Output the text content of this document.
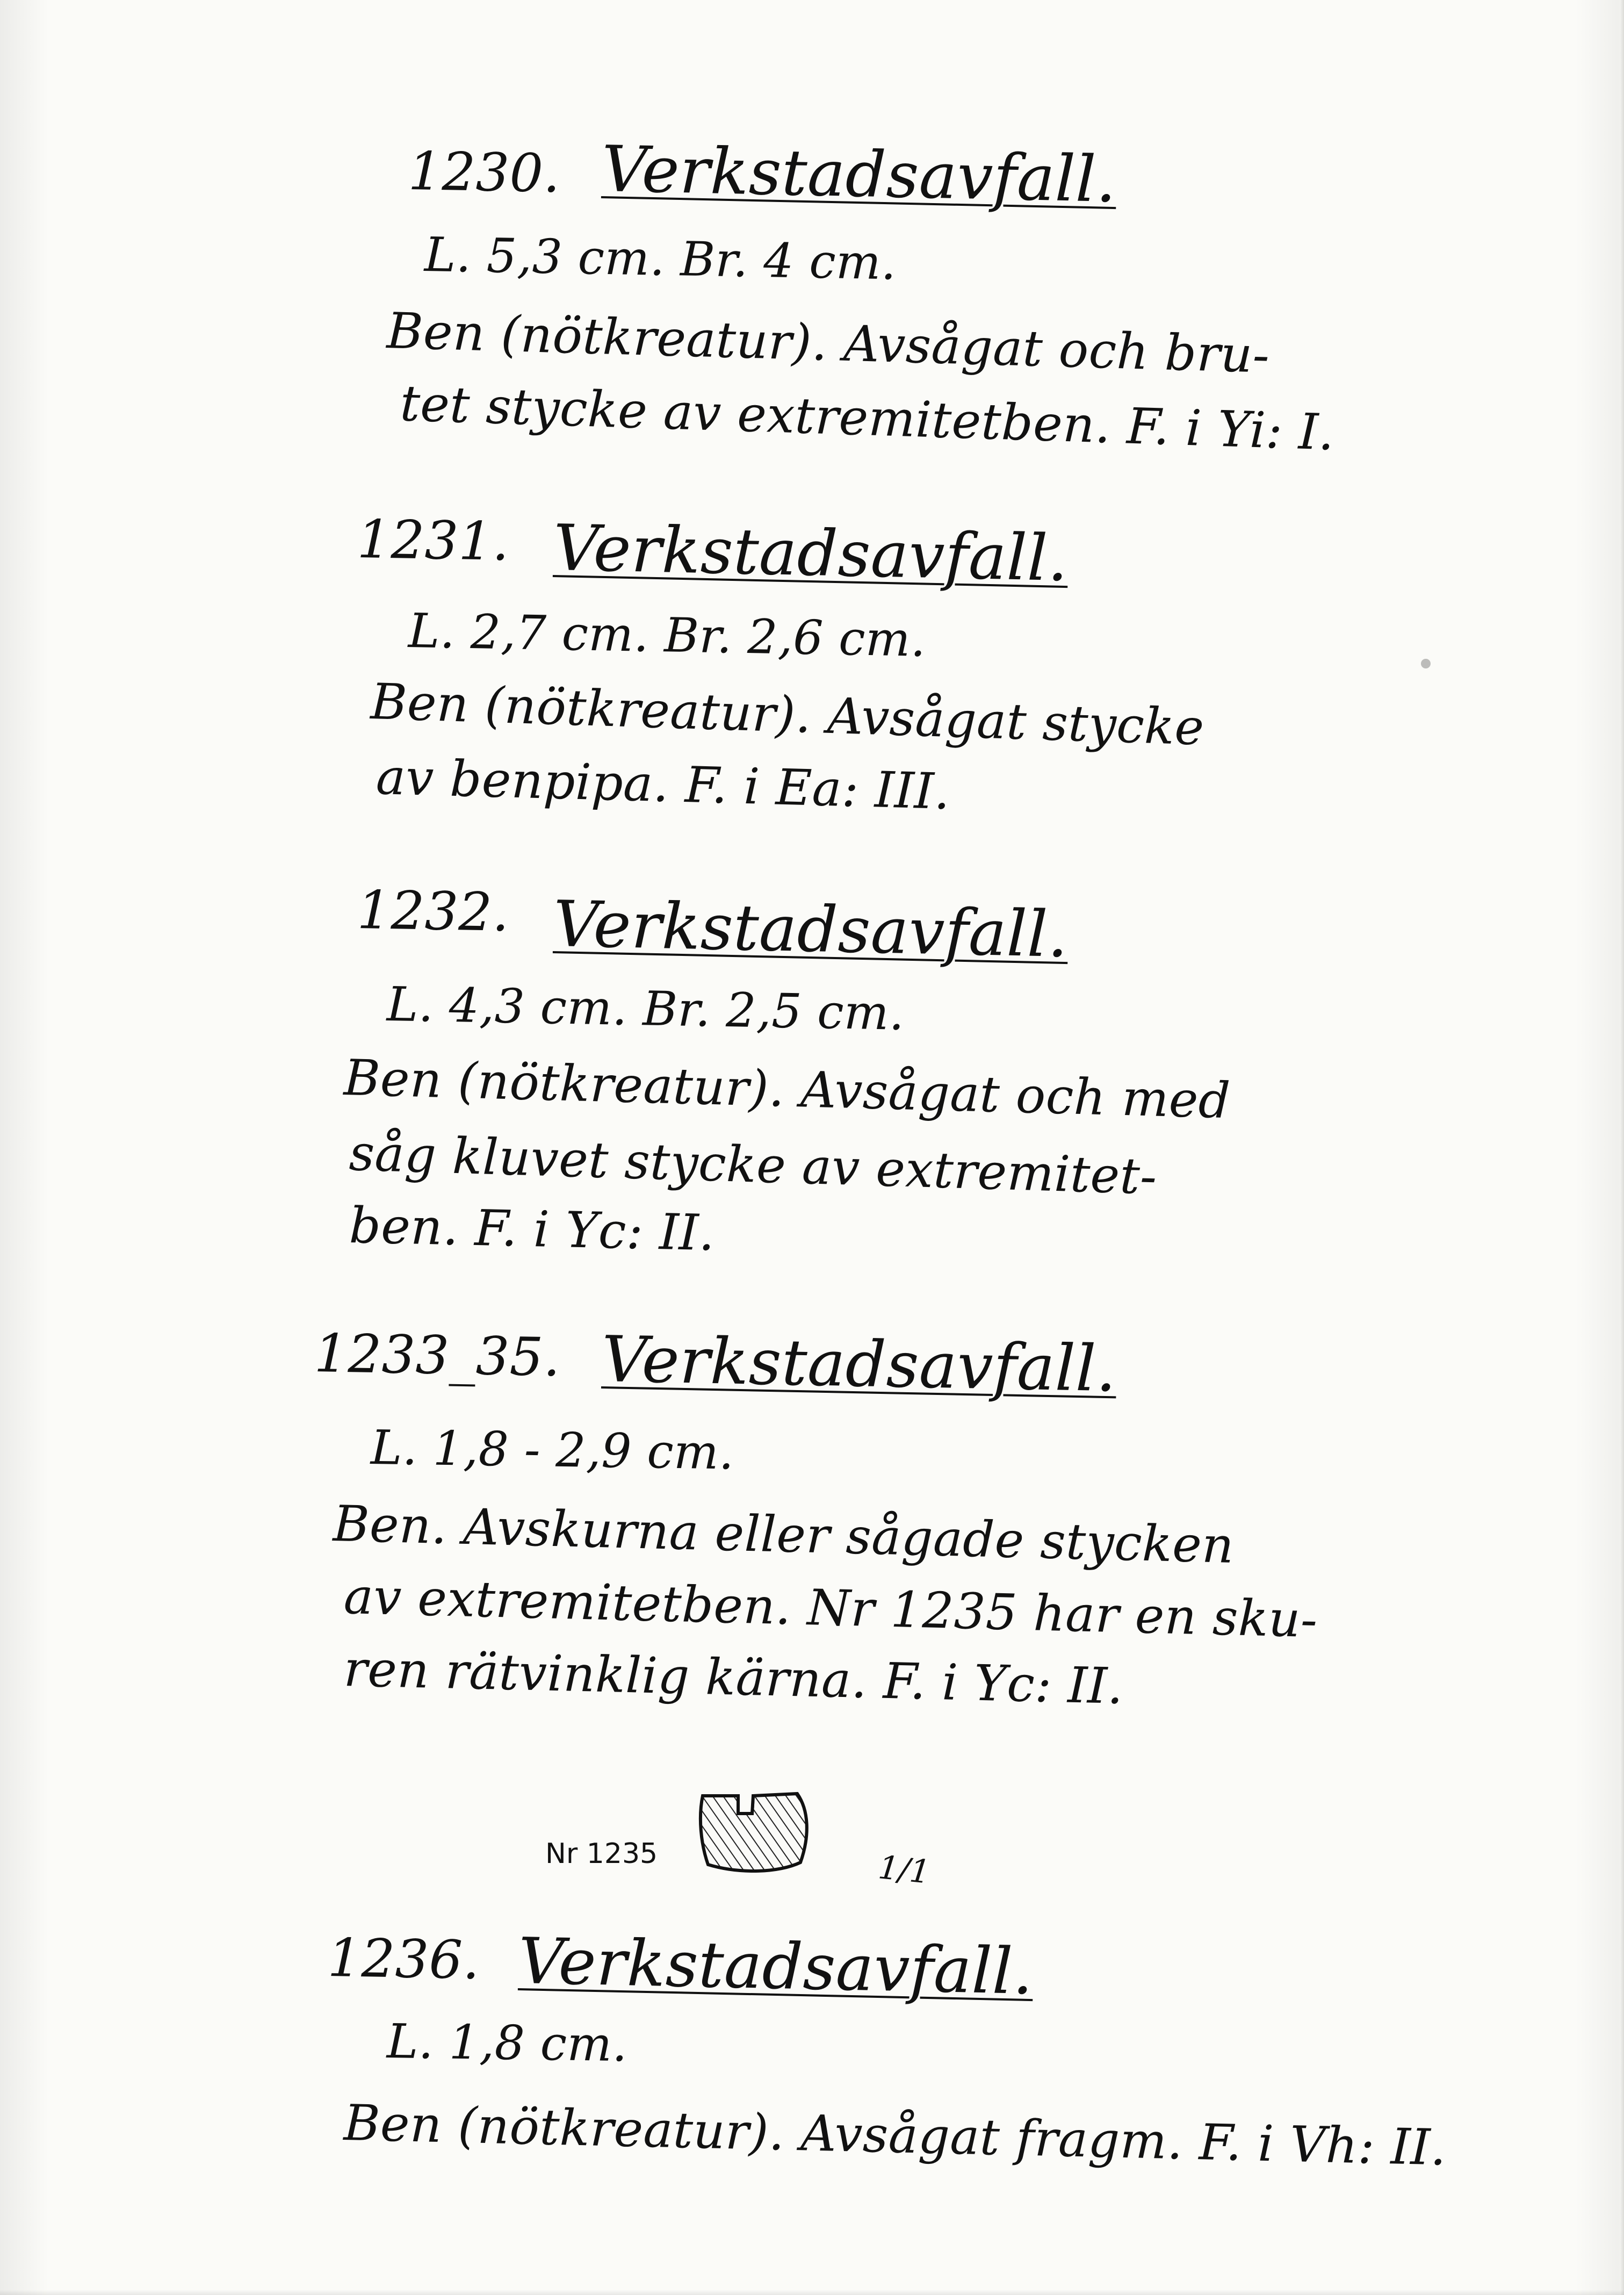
1230. Verkstadsavfall.
L. 5,3 cm. Br. 4 cm.
Ben (nötkreatur). Avsågat och bru-
tet stycke av extremitetben. F. i Yi: I.
1231. Verkstadsavfall.
L. 2,7 cm. Br. 2,6 cm.
Ben (nötkreatur). Avsågat stycke
av benpipa. F. i Ea: III.
1232. Verkstadsavfall.
L. 4,3 cm. Br. 2,5 cm.
Ben (nötkreatur). Avsågat och med
såg kluvet stycke av extremitet-
ben. F. i Yc: II.
1233_35. Verkstadsavfall.
L. 1,8 - 2,9 cm.
Ben. Avskurna eller sågade stycken
av extremitetben. Nr 1235 har en sku-
ren rätvinklig kärna. F. i Yc: II.
Nr 1235	1/1
1236. Verkstadsavfall.
L. 1,8 cm.
Ben (nötkreatur). Avsågat fragm. F. i Vh: II.
